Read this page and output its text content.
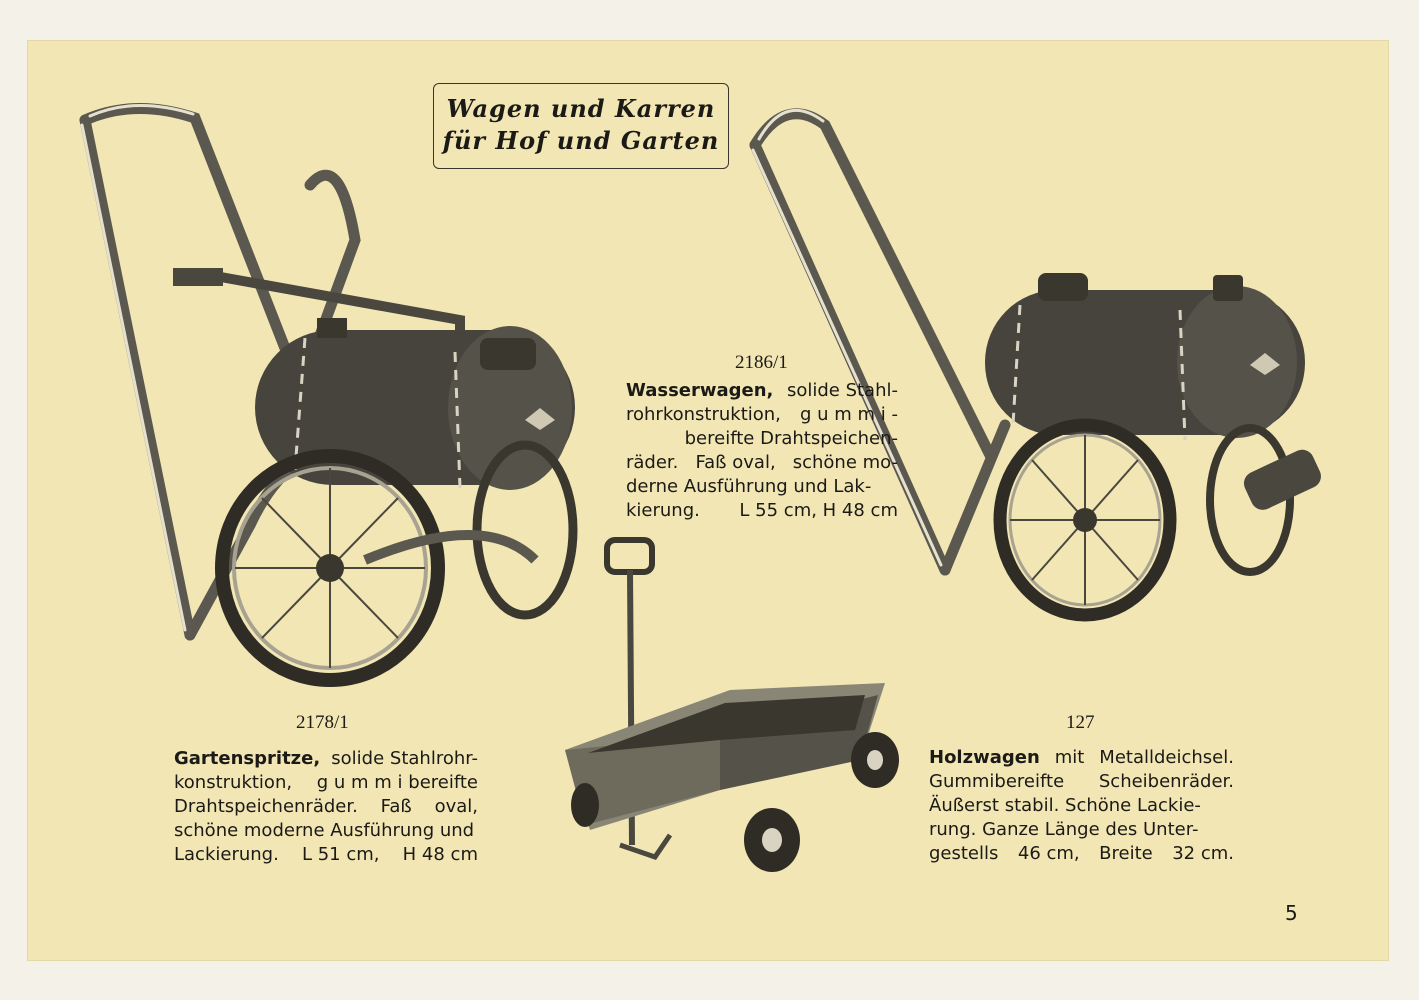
Wagen und Karren
für Hof und Garten
2178/1
Gartenspritze, solide Stahlrohr-
konstruktion, g u m m i bereifte
Drahtspeichenräder. Faß oval,
schöne moderne Ausführung und
Lackierung. L 51 cm, H 48 cm
2186/1
Wasserwagen, solide Stahl-
rohrkonstruktion, g u m m i -
bereifte Drahtspeichen-
räder. Faß oval, schöne mo-
derne Ausführung und Lak-
kierung. L 55 cm, H 48 cm
127
Holzwagen mit Metalldeichsel.
Gummibereifte Scheibenräder.
Äußerst stabil. Schöne Lackie-
rung. Ganze Länge des Unter-
gestells 46 cm, Breite 32 cm.
5
